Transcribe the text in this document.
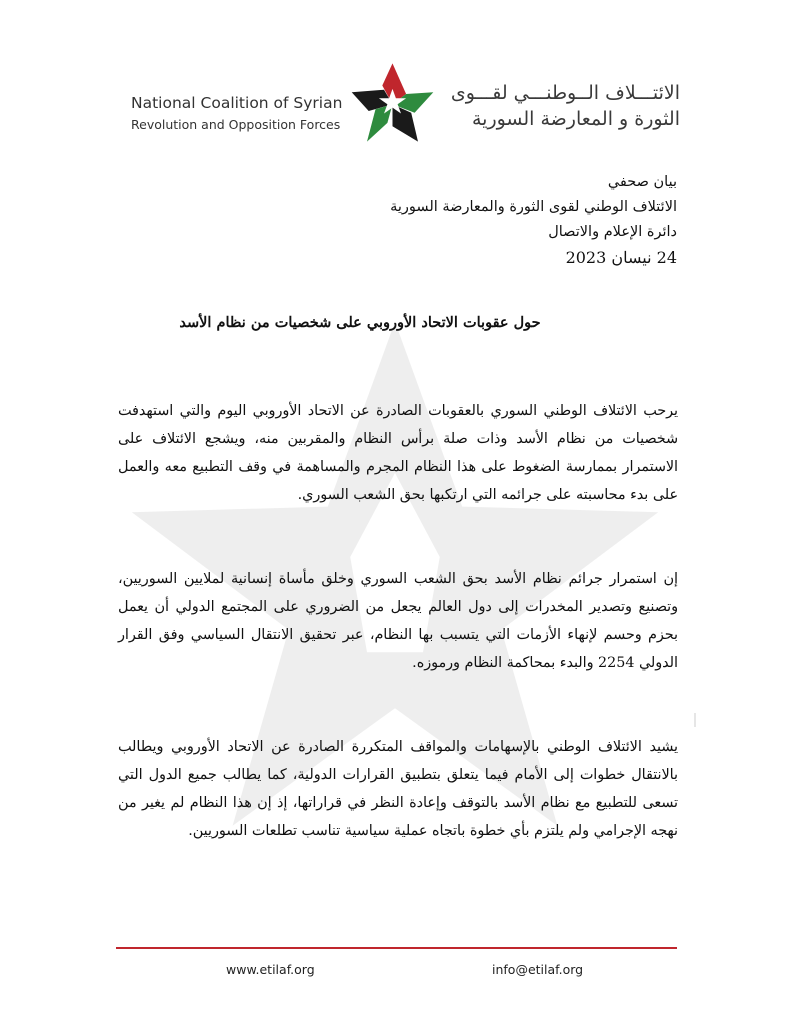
National Coalition of Syrian
Revolution and Opposition Forces
الائتـــلاف الــوطنـــي لقـــوى
الثورة و المعارضة السورية
بيان صحفي
الائتلاف الوطني لقوى الثورة والمعارضة السورية
دائرة الإعلام والاتصال
24 نيسان 2023
حول عقوبات الاتحاد الأوروبي على شخصيات من نظام الأسد
يرحب الائتلاف الوطني السوري بالعقوبات الصادرة عن الاتحاد الأوروبي اليوم والتي استهدفت شخصيات من نظام الأسد وذات صلة برأس النظام والمقربين منه، ويشجع الائتلاف على الاستمرار بممارسة الضغوط على هذا النظام المجرم والمساهمة في وقف التطبيع معه والعمل على بدء محاسبته على جرائمه التي ارتكبها بحق الشعب السوري.
إن استمرار جرائم نظام الأسد بحق الشعب السوري وخلق مأساة إنسانية لملايين السوريين، وتصنيع وتصدير المخدرات إلى دول العالم يجعل من الضروري على المجتمع الدولي أن يعمل بحزم وحسم لإنهاء الأزمات التي يتسبب بها النظام، عبر تحقيق الانتقال السياسي وفق القرار الدولي 2254 والبدء بمحاكمة النظام ورموزه.
يشيد الائتلاف الوطني بالإسهامات والمواقف المتكررة الصادرة عن الاتحاد الأوروبي ويطالب بالانتقال خطوات إلى الأمام فيما يتعلق بتطبيق القرارات الدولية، كما يطالب جميع الدول التي تسعى للتطبيع مع نظام الأسد بالتوقف وإعادة النظر في قراراتها، إذ إن هذا النظام لم يغير من نهجه الإجرامي ولم يلتزم بأي خطوة باتجاه عملية سياسية تناسب تطلعات السوريين.
www.etilaf.org	info@etilaf.org
